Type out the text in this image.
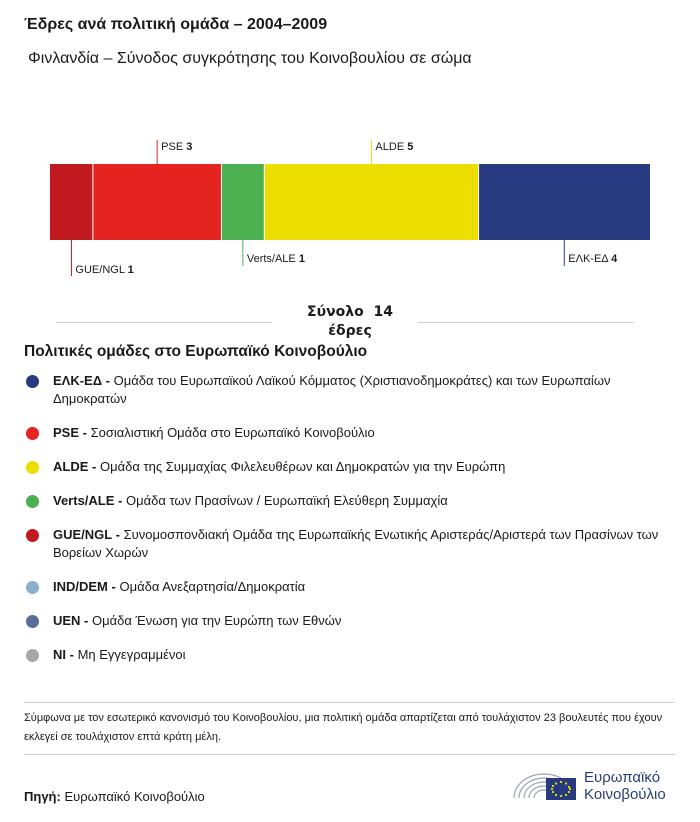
Έδρες ανά πολιτική ομάδα – 2004–2009
Φινλανδία – Σύνοδος συγκρότησης του Κοινοβουλίου σε σώμα
GUE/NGL 1
PSE 3
Verts/ALE 1
ALDE 5
ΕΛΚ-ΕΔ 4
Σύνολο 14
έδρες
Πολιτικές ομάδες στο Ευρωπαϊκό Κοινοβούλιο
ΕΛΚ-ΕΔ - Ομάδα του Ευρωπαϊκού Λαϊκού Κόμματος (Χριστιανοδημοκράτες) και των Ευρωπαίων Δημοκρατών
PSE - Σοσιαλιστική Ομάδα στο Ευρωπαϊκό Κοινοβούλιο
ALDE - Ομάδα της Συμμαχίας Φιλελευθέρων και Δημοκρατών για την Ευρώπη
Verts/ALE - Ομάδα των Πρασίνων / Ευρωπαϊκή Ελεύθερη Συμμαχία
GUE/NGL - Συνομοσπονδιακή Ομάδα της Ευρωπαϊκής Ενωτικής Αριστεράς/Αριστερά των Πρασίνων των Βορείων Χωρών
IND/DEM - Ομάδα Ανεξαρτησία/Δημοκρατία
UEN - Ομάδα Ένωση για την Ευρώπη των Εθνών
NI - Μη Εγγεγραμμένοι
Σύμφωνα με τον εσωτερικό κανονισμό του Κοινοβουλίου, μια πολιτική ομάδα απαρτίζεται από τουλάχιστον 23 βουλευτές που έχουν εκλεγεί σε τουλάχιστον επτά κράτη μέλη.
Πηγή: Ευρωπαϊκό Κοινοβούλιο
Ευρωπαϊκό
Κοινοβούλιο
